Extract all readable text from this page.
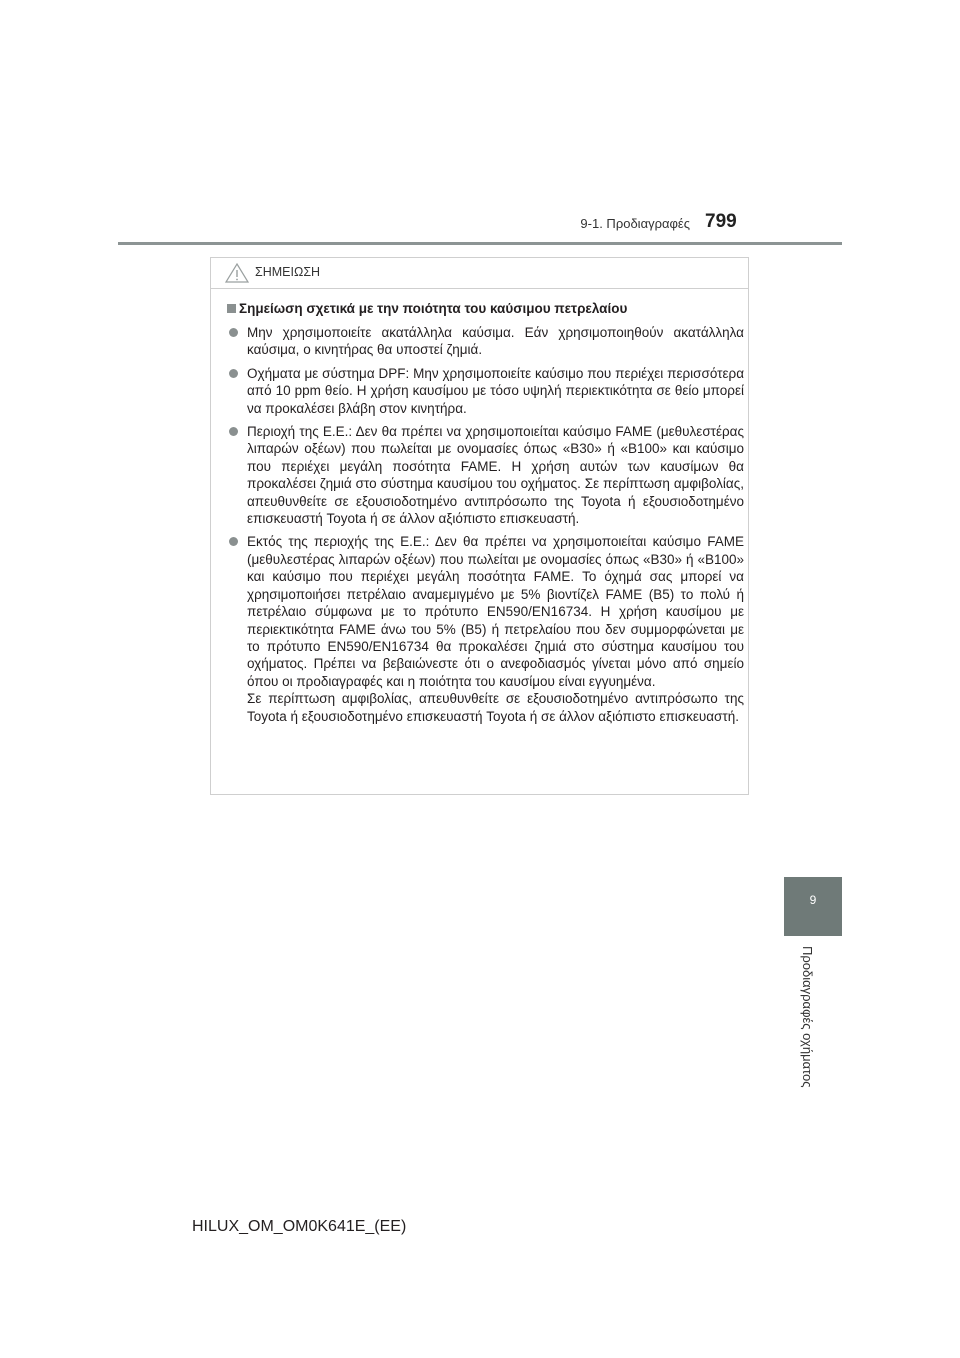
9-1. Προδιαγραφές 799
ΣΗΜΕΙΩΣΗ
Σημείωση σχετικά με την ποιότητα του καύσιμου πετρελαίου

Μην χρησιμοποιείτε ακατάλληλα καύσιμα. Εάν χρησιμοποιηθούν ακατάλληλα καύσιμα, ο κινητήρας θα υποστεί ζημιά.

Οχήματα με σύστημα DPF: Μην χρησιμοποιείτε καύσιμο που περιέχει περισσότερα από 10 ppm θείο. Η χρήση καυσίμου με τόσο υψηλή περιεκτικότητα σε θείο μπορεί να προκαλέσει βλάβη στον κινητήρα.

Περιοχή της Ε.Ε.: Δεν θα πρέπει να χρησιμοποιείται καύσιμο FAME (μεθυλεστέρας λιπαρών οξέων) που πωλείται με ονομασίες όπως «B30» ή «B100» και καύσιμο που περιέχει μεγάλη ποσότητα FAME. Η χρήση αυτών των καυσίμων θα προκαλέσει ζημιά στο σύστημα καυσίμου του οχήματος. Σε περίπτωση αμφιβολίας, απευθυνθείτε σε εξουσιοδοτημένο αντιπρόσωπο της Toyota ή εξουσιοδοτημένο επισκευαστή Toyota ή σε άλλον αξιόπιστο επισκευαστή.

Εκτός της περιοχής της Ε.Ε.: Δεν θα πρέπει να χρησιμοποιείται καύσιμο FAME (μεθυλεστέρας λιπαρών οξέων) που πωλείται με ονομασίες όπως «B30» ή «B100» και καύσιμο που περιέχει μεγάλη ποσότητα FAME. Το όχημά σας μπορεί να χρησιμοποιήσει πετρέλαιο αναμεμιγμένο με 5% βιοντίζελ FAME (B5) το πολύ ή πετρέλαιο σύμφωνα με το πρότυπο EN590/EN16734. Η χρήση καυσίμου με περιεκτικότητα FAME άνω του 5% (B5) ή πετρελαίου που δεν συμμορφώνεται με το πρότυπο EN590/EN16734 θα προκαλέσει ζημιά στο σύστημα καυσίμου του οχήματος. Πρέπει να βεβαιώνεστε ότι ο ανεφοδιασμός γίνεται μόνο από σημείο όπου οι προδιαγραφές και η ποιότητα του καυσίμου είναι εγγυημένα.

Σε περίπτωση αμφιβολίας, απευθυνθείτε σε εξουσιοδοτημένο αντιπρόσωπο της Toyota ή εξουσιοδοτημένο επισκευαστή Toyota ή σε άλλον αξιόπιστο επισκευαστή.

9
Προδιαγραφές οχήματος
HILUX_OM_OM0K641E_(EE)
